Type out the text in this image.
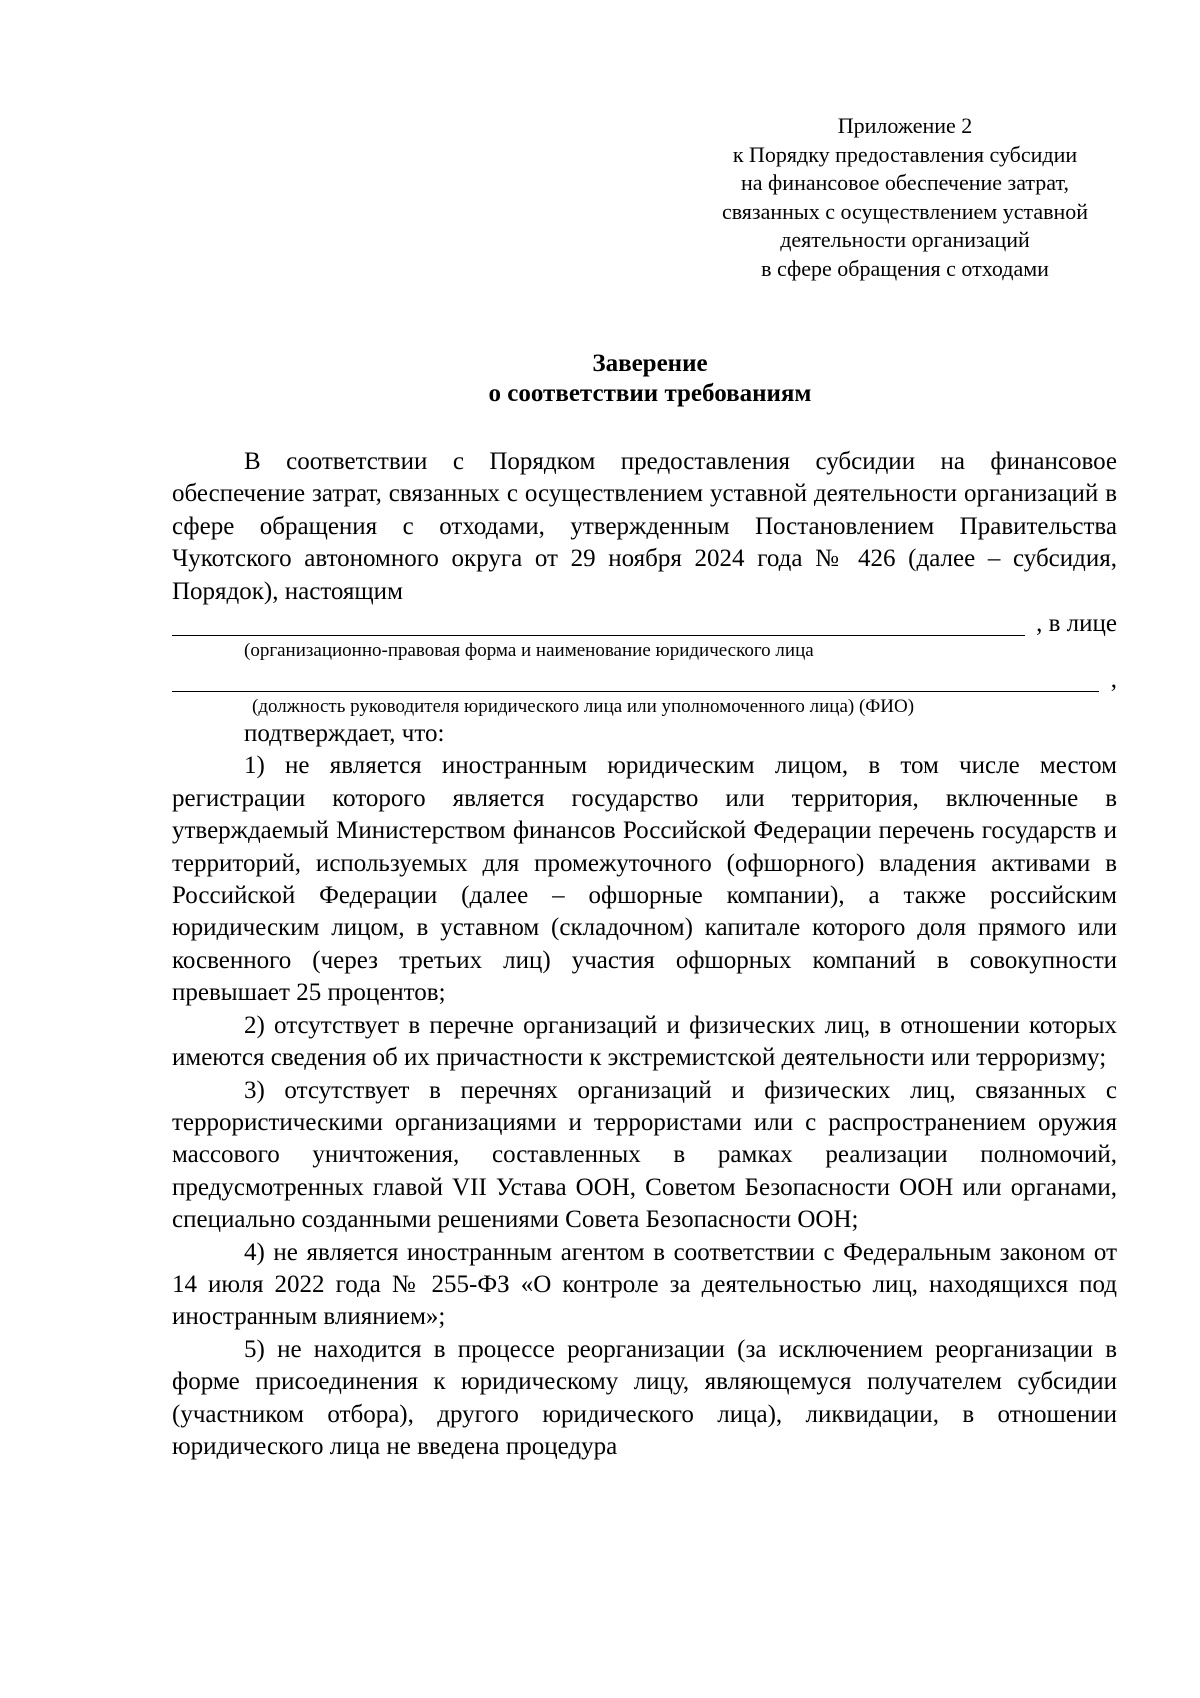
Приложение 2
к Порядку предоставления субсидии
на финансовое обеспечение затрат,
связанных с осуществлением уставной
деятельности организаций
в сфере обращения с отходами
Заверение
о соответствии требованиям

В соответствии с Порядком предоставления субсидии на финансовое обеспечение затрат, связанных с осуществлением уставной деятельности организаций в сфере обращения с отходами, утвержденным Постановлением Правительства Чукотского автономного округа от 29 ноября 2024 года № 426 (далее – субсидия, Порядок), настоящим

, в лице
(организационно-правовая форма и наименование юридического лица
,
(должность руководителя юридического лица или уполномоченного лица) (ФИО)

подтверждает, что:

1) не является иностранным юридическим лицом, в том числе местом регистрации которого является государство или территория, включенные в утверждаемый Министерством финансов Российской Федерации перечень государств и территорий, используемых для промежуточного (офшорного) владения активами в Российской Федерации (далее – офшорные компании), а также российским юридическим лицом, в уставном (складочном) капитале которого доля прямого или косвенного (через третьих лиц) участия офшорных компаний в совокупности превышает 25 процентов;

2) отсутствует в перечне организаций и физических лиц, в отношении которых имеются сведения об их причастности к экстремистской деятельности или терроризму;

3) отсутствует в перечнях организаций и физических лиц, связанных с террористическими организациями и террористами или с распространением оружия массового уничтожения, составленных в рамках реализации полномочий, предусмотренных главой VII Устава ООН, Советом Безопасности ООН или органами, специально созданными решениями Совета Безопасности ООН;

4) не является иностранным агентом в соответствии с Федеральным законом от 14 июля 2022 года № 255-ФЗ «О контроле за деятельностью лиц, находящихся под иностранным влиянием»;

5) не находится в процессе реорганизации (за исключением реорганизации в форме присоединения к юридическому лицу, являющемуся получателем субсидии (участником отбора), другого юридического лица), ликвидации, в отношении юридического лица не введена процедура
